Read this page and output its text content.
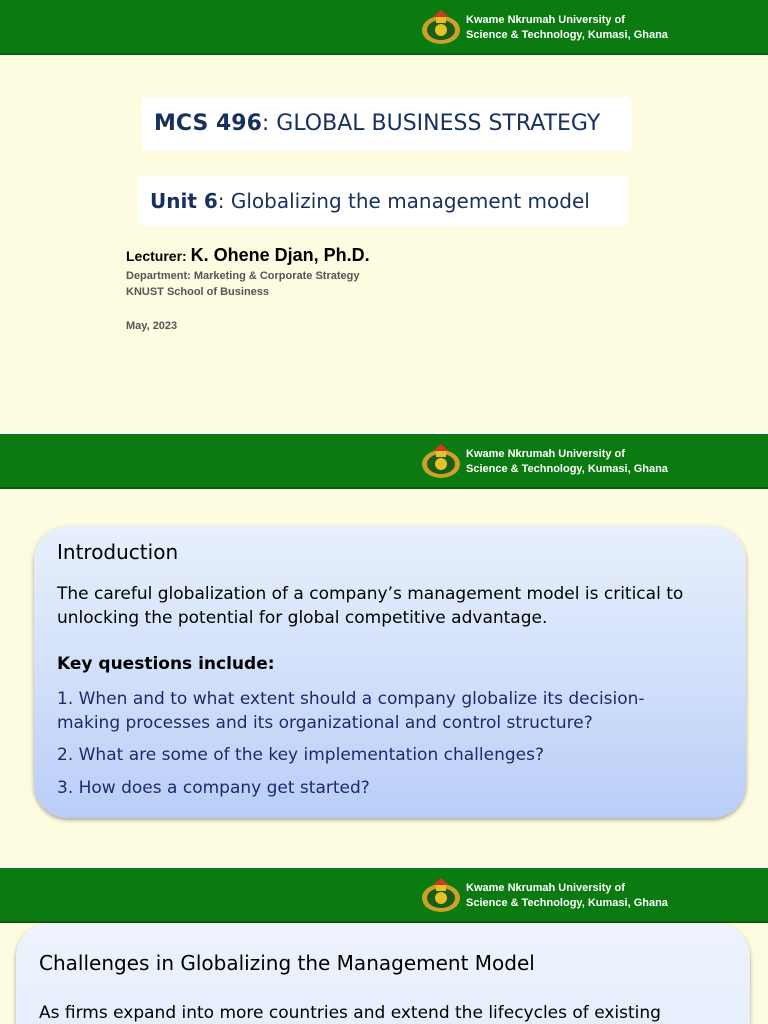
Kwame Nkrumah University of
Science & Technology, Kumasi, Ghana
MCS 496: GLOBAL BUSINESS STRATEGY
Unit 6: Globalizing the management model
Lecturer: K. Ohene Djan, Ph.D.
Department: Marketing & Corporate Strategy
KNUST School of Business
May, 2023
Kwame Nkrumah University of
Science & Technology, Kumasi, Ghana
Introduction
The careful globalization of a company’s management model is critical to
unlocking the potential for global competitive advantage.
Key questions include:
1. When and to what extent should a company globalize its decision-
making processes and its organizational and control structure?
2. What are some of the key implementation challenges?
3. How does a company get started?
Kwame Nkrumah University of
Science & Technology, Kumasi, Ghana
Challenges in Globalizing the Management Model
As firms expand into more countries and extend the lifecycles of existing
